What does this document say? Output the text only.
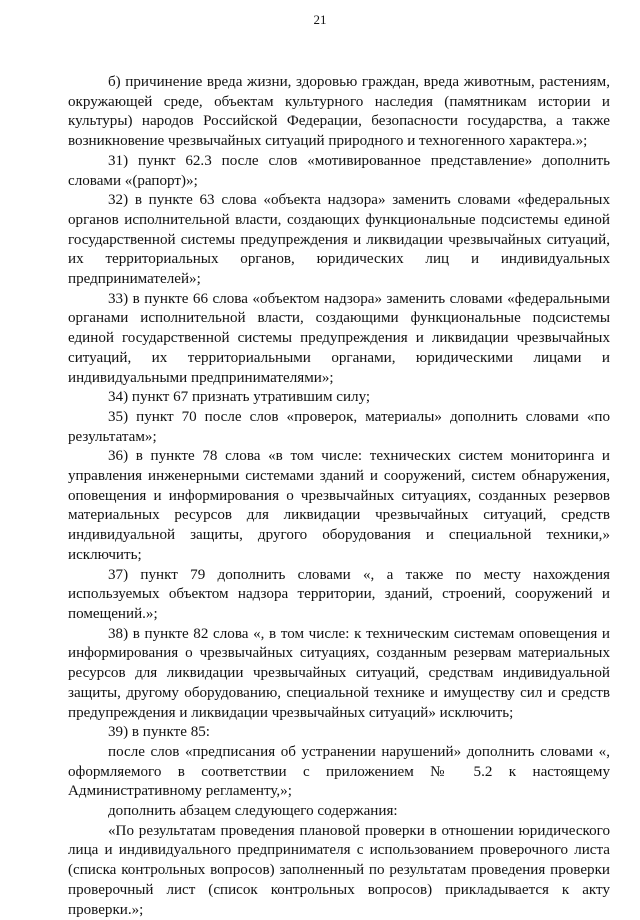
21

б) причинение вреда жизни, здоровью граждан, вреда животным, растениям, окружающей среде, объектам культурного наследия (памятникам истории и культуры) народов Российской Федерации, безопасности государства, а также возникновение чрезвычайных ситуаций природного и техногенного характера.»;

31) пункт 62.3 после слов «мотивированное представление» дополнить словами «(рапорт)»;

32) в пункте 63 слова «объекта надзора» заменить словами «федеральных органов исполнительной власти, создающих функциональные подсистемы единой государственной системы предупреждения и ликвидации чрезвычайных ситуаций, их территориальных органов, юридических лиц и индивидуальных предпринимателей»;

33) в пункте 66 слова «объектом надзора» заменить словами «федеральными органами исполнительной власти, создающими функциональные подсистемы единой государственной системы предупреждения и ликвидации чрезвычайных ситуаций, их территориальными органами, юридическими лицами и индивидуальными предпринимателями»;

34) пункт 67 признать утратившим силу;

35) пункт 70 после слов «проверок, материалы» дополнить словами «по результатам»;

36) в пункте 78 слова «в том числе: технических систем мониторинга и управления инженерными системами зданий и сооружений, систем обнаружения, оповещения и информирования о чрезвычайных ситуациях, созданных резервов материальных ресурсов для ликвидации чрезвычайных ситуаций, средств индивидуальной защиты, другого оборудования и специальной техники,» исключить;

37) пункт 79 дополнить словами «, а также по месту нахождения используемых объектом надзора территории, зданий, строений, сооружений и помещений.»;

38) в пункте 82 слова «, в том числе: к техническим системам оповещения и информирования о чрезвычайных ситуациях, созданным резервам материальных ресурсов для ликвидации чрезвычайных ситуаций, средствам индивидуальной защиты, другому оборудованию, специальной технике и имуществу сил и средств предупреждения и ликвидации чрезвычайных ситуаций» исключить;

39) в пункте 85:

после слов «предписания об устранении нарушений» дополнить словами «, оформляемого в соответствии с приложением № 5.2 к настоящему Административному регламенту,»;

дополнить абзацем следующего содержания:

«По результатам проведения плановой проверки в отношении юридического лица и индивидуального предпринимателя с использованием проверочного листа (списка контрольных вопросов) заполненный по результатам проведения проверки проверочный лист (список контрольных вопросов) прикладывается к акту проверки.»;
